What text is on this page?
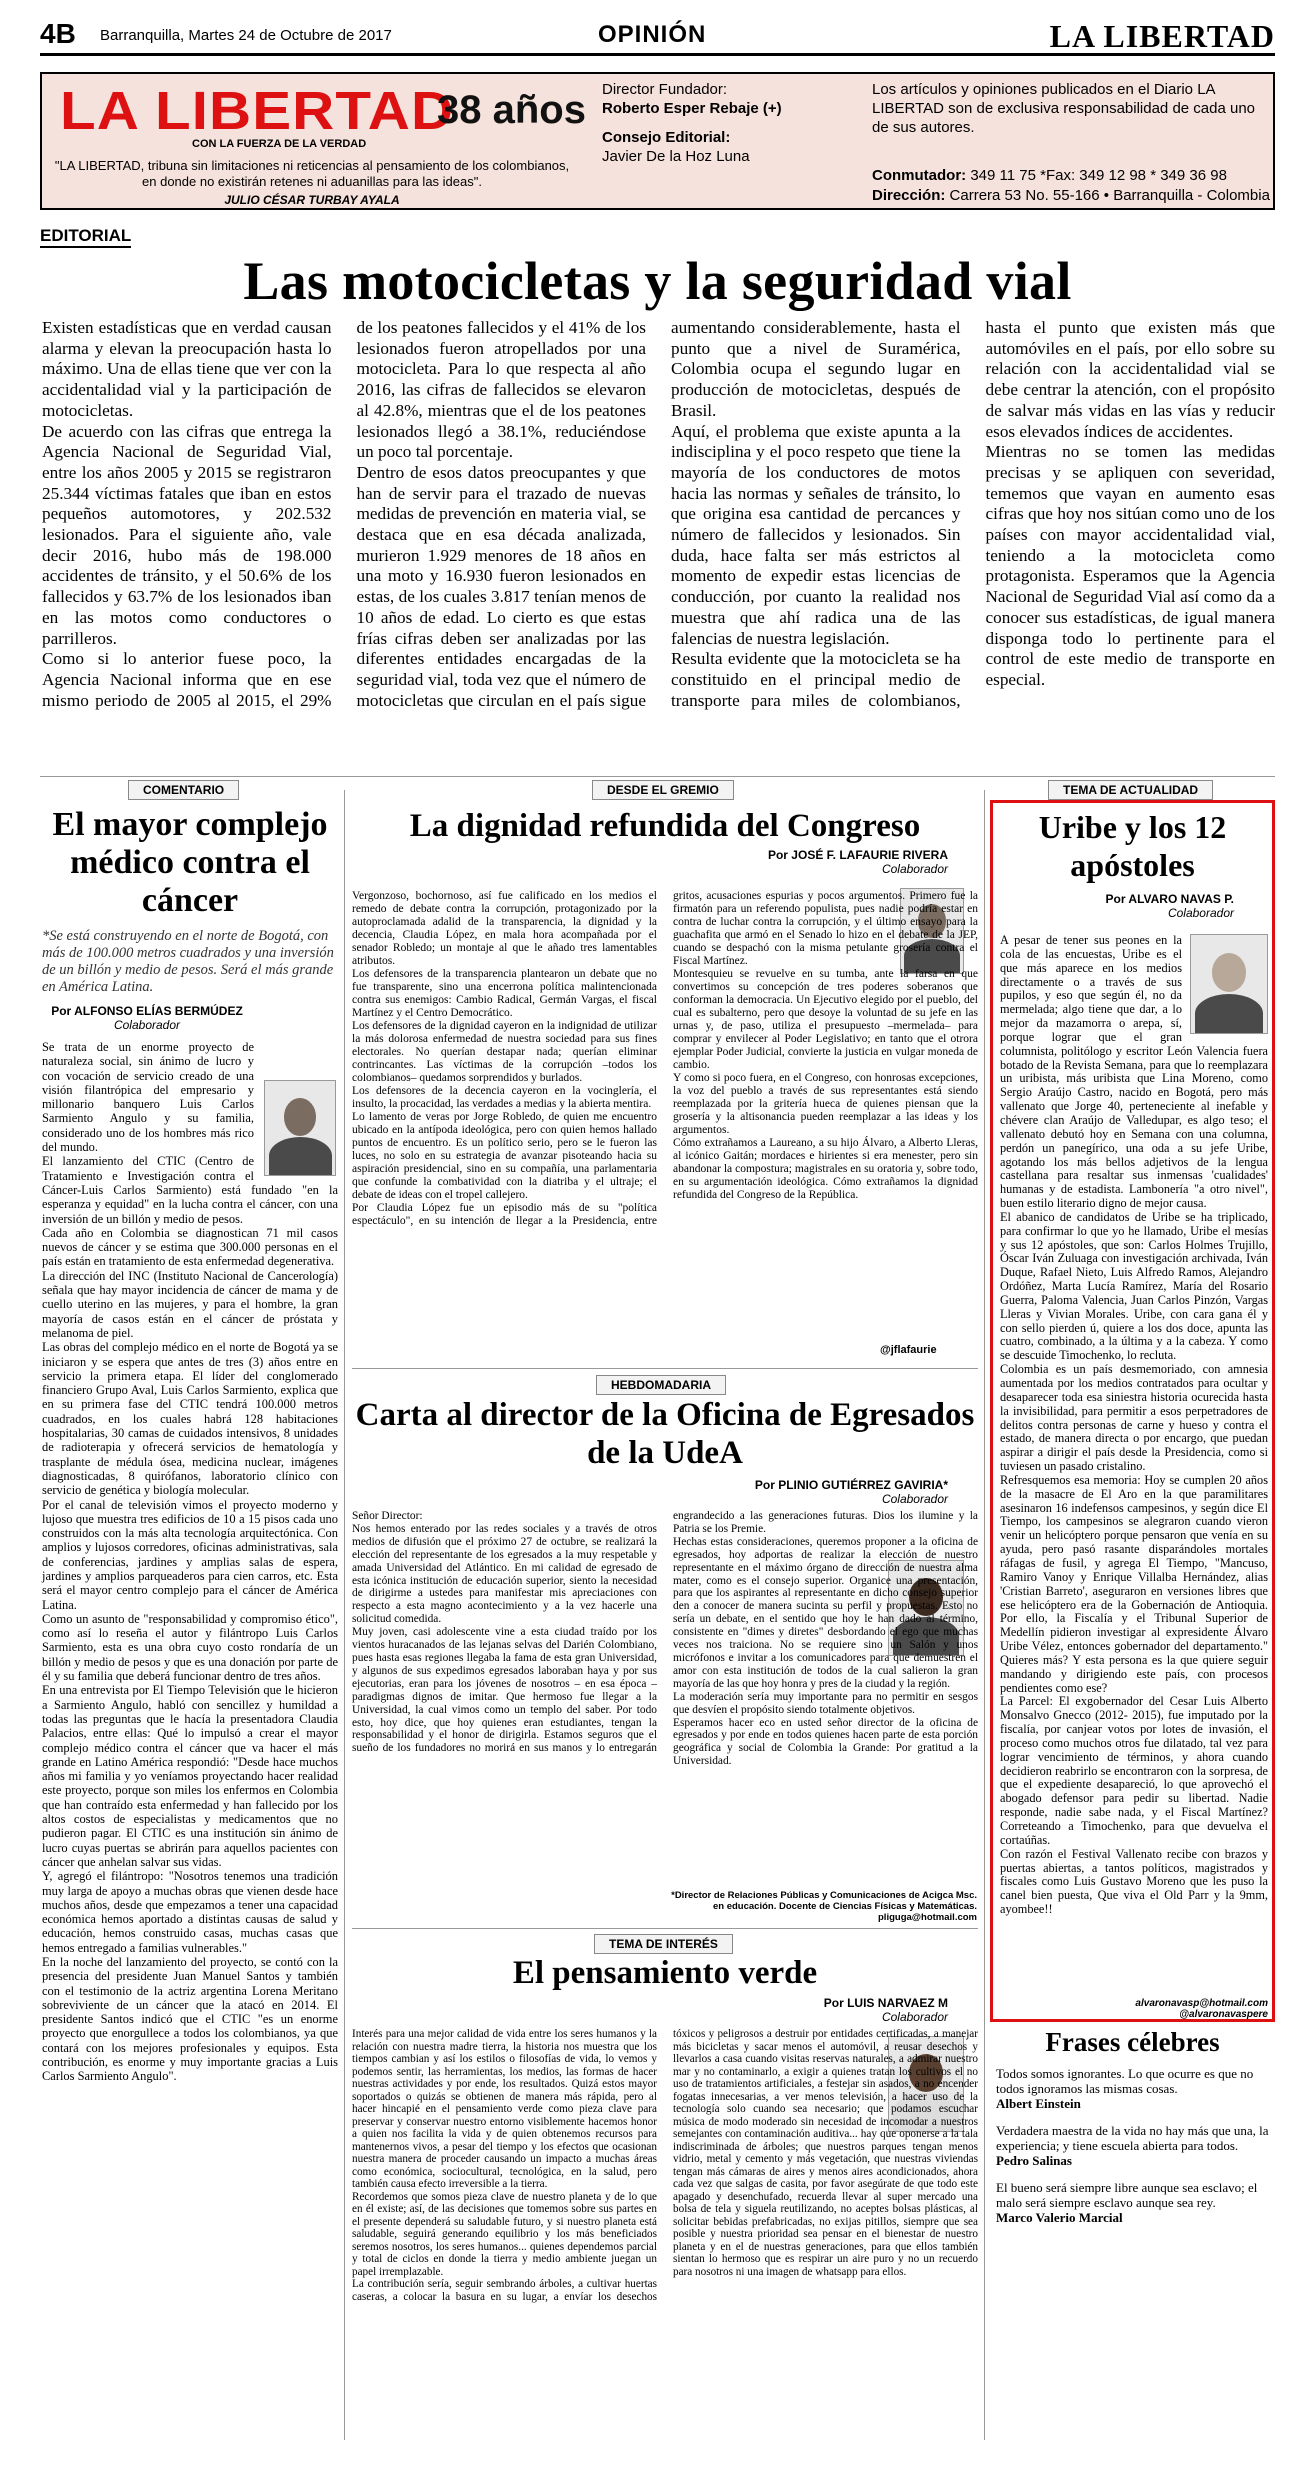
4B Barranquilla, Martes 24 de Octubre de 2017	OPINIÓN	LA LIBERTAD
LA LIBERTAD
38 años
CON LA FUERZA DE LA VERDAD
"LA LIBERTAD, tribuna sin limitaciones ni reticencias al pensamiento de los colombianos, en donde no existirán retenes ni aduanillas para las ideas".
JULIO CÉSAR TURBAY AYALA
Director Fundador:
Roberto Esper Rebaje (+)
Consejo Editorial:
Javier De la Hoz Luna
Los artículos y opiniones publicados en el Diario LA LIBERTAD son de exclusiva responsabilidad de cada uno de sus autores.
Conmutador: 349 11 75 *Fax: 349 12 98 * 349 36 98
Dirección: Carrera 53 No. 55-166 • Barranquilla - Colombia
EDITORIAL
Las motocicletas y la seguridad vial

Existen estadísticas que en verdad causan alarma y elevan la preocupación hasta lo máximo. Una de ellas tiene que ver con la accidentalidad vial y la participación de motocicletas.

De acuerdo con las cifras que entrega la Agencia Nacional de Seguridad Vial, entre los años 2005 y 2015 se registraron 25.344 víctimas fatales que iban en estos pequeños automotores, y 202.532 lesionados. Para el siguiente año, vale decir 2016, hubo más de 198.000 accidentes de tránsito, y el 50.6% de los fallecidos y 63.7% de los lesionados iban en las motos como conductores o parrilleros.

Como si lo anterior fuese poco, la Agencia Nacional informa que en ese mismo periodo de 2005 al 2015, el 29% de los peatones fallecidos y el 41% de los lesionados fueron atropellados por una motocicleta. Para lo que respecta al año 2016, las cifras de fallecidos se elevaron al 42.8%, mientras que el de los peatones lesionados llegó a 38.1%, reduciéndose un poco tal porcentaje.

Dentro de esos datos preocupantes y que han de servir para el trazado de nuevas medidas de prevención en materia vial, se destaca que en esa década analizada, murieron 1.929 menores de 18 años en una moto y 16.930 fueron lesionados en estas, de los cuales 3.817 tenían menos de 10 años de edad. Lo cierto es que estas frías cifras deben ser analizadas por las diferentes entidades encargadas de la seguridad vial, toda vez que el número de motocicletas que circulan en el país sigue aumentando considerablemente, hasta el punto que a nivel de Suramérica, Colombia ocupa el segundo lugar en producción de motocicletas, después de Brasil.

Aquí, el problema que existe apunta a la indisciplina y el poco respeto que tiene la mayoría de los conductores de motos hacia las normas y señales de tránsito, lo que origina esa cantidad de percances y número de fallecidos y lesionados. Sin duda, hace falta ser más estrictos al momento de expedir estas licencias de conducción, por cuanto la realidad nos muestra que ahí radica una de las falencias de nuestra legislación.

Resulta evidente que la motocicleta se ha constituido en el principal medio de transporte para miles de colombianos, hasta el punto que existen más que automóviles en el país, por ello sobre su relación con la accidentalidad vial se debe centrar la atención, con el propósito de salvar más vidas en las vías y reducir esos elevados índices de accidentes.

Mientras no se tomen las medidas precisas y se apliquen con severidad, tememos que vayan en aumento esas cifras que hoy nos sitúan como uno de los países con mayor accidentalidad vial, teniendo a la motocicleta como protagonista. Esperamos que la Agencia Nacional de Seguridad Vial así como da a conocer sus estadísticas, de igual manera disponga todo lo pertinente para el control de este medio de transporte en especial.

COMENTARIO
El mayor complejo médico contra el cáncer
*Se está construyendo en el norte de Bogotá, con más de 100.000 metros cuadrados y una inversión de un billón y medio de pesos. Será el más grande en América Latina.
Por ALFONSO ELÍAS BERMÚDEZ
Colaborador

Se trata de un enorme proyecto de naturaleza social, sin ánimo de lucro y con vocación de servicio creado de una visión filantrópica del empresario y millonario banquero Luis Carlos Sarmiento Angulo y su familia, considerado uno de los hombres más rico del mundo.

El lanzamiento del CTIC (Centro de Tratamiento e Investigación contra el Cáncer-Luis Carlos Sarmiento) está fundado "en la esperanza y equidad" en la lucha contra el cáncer, con una inversión de un billón y medio de pesos.

Cada año en Colombia se diagnostican 71 mil casos nuevos de cáncer y se estima que 300.000 personas en el país están en tratamiento de esta enfermedad degenerativa.

La dirección del INC (Instituto Nacional de Cancerología) señala que hay mayor incidencia de cáncer de mama y de cuello uterino en las mujeres, y para el hombre, la gran mayoría de casos están en el cáncer de próstata y melanoma de piel.

Las obras del complejo médico en el norte de Bogotá ya se iniciaron y se espera que antes de tres (3) años entre en servicio la primera etapa. El líder del conglomerado financiero Grupo Aval, Luis Carlos Sarmiento, explica que en su primera fase del CTIC tendrá 100.000 metros cuadrados, en los cuales habrá 128 habitaciones hospitalarias, 30 camas de cuidados intensivos, 8 unidades de radioterapia y ofrecerá servicios de hematología y trasplante de médula ósea, medicina nuclear, imágenes diagnosticadas, 8 quirófanos, laboratorio clínico con servicio de genética y biología molecular.

Por el canal de televisión vimos el proyecto moderno y lujoso que muestra tres edificios de 10 a 15 pisos cada uno construidos con la más alta tecnología arquitectónica. Con amplios y lujosos corredores, oficinas administrativas, sala de conferencias, jardines y amplias salas de espera, jardines y amplios parqueaderos para cien carros, etc. Esta será el mayor centro complejo para el cáncer de América Latina.

Como un asunto de "responsabilidad y compromiso ético", como así lo reseña el autor y filántropo Luis Carlos Sarmiento, esta es una obra cuyo costo rondaría de un billón y medio de pesos y que es una donación por parte de él y su familia que deberá funcionar dentro de tres años.

En una entrevista por El Tiempo Televisión que le hicieron a Sarmiento Angulo, habló con sencillez y humildad a todas las preguntas que le hacía la presentadora Claudia Palacios, entre ellas: Qué lo impulsó a crear el mayor complejo médico contra el cáncer que va hacer el más grande en Latino América respondió: "Desde hace muchos años mi familia y yo veníamos proyectando hacer realidad este proyecto, porque son miles los enfermos en Colombia que han contraído esta enfermedad y han fallecido por los altos costos de especialistas y medicamentos que no pudieron pagar. El CTIC es una institución sin ánimo de lucro cuyas puertas se abrirán para aquellos pacientes con cáncer que anhelan salvar sus vidas.

Y, agregó el filántropo: "Nosotros tenemos una tradición muy larga de apoyo a muchas obras que vienen desde hace muchos años, desde que empezamos a tener una capacidad económica hemos aportado a distintas causas de salud y educación, hemos construido casas, muchas casas que hemos entregado a familias vulnerables."

En la noche del lanzamiento del proyecto, se contó con la presencia del presidente Juan Manuel Santos y también con el testimonio de la actriz argentina Lorena Meritano sobreviviente de un cáncer que la atacó en 2014. El presidente Santos indicó que el CTIC "es un enorme proyecto que enorgullece a todos los colombianos, ya que contará con los mejores profesionales y equipos. Esta contribución, es enorme y muy importante gracias a Luis Carlos Sarmiento Angulo".

DESDE EL GREMIO
La dignidad refundida del Congreso
Por JOSÉ F. LAFAURIE RIVERA
Colaborador

Vergonzoso, bochornoso, así fue calificado en los medios el remedo de debate contra la corrupción, protagonizado por la autoproclamada adalid de la transparencia, la dignidad y la decencia, Claudia López, en mala hora acompañada por el senador Robledo; un montaje al que le añado tres lamentables atributos.

Los defensores de la transparencia plantearon un debate que no fue transparente, sino una encerrona política malintencionada contra sus enemigos: Cambio Radical, Germán Vargas, el fiscal Martínez y el Centro Democrático.

Los defensores de la dignidad cayeron en la indignidad de utilizar la más dolorosa enfermedad de nuestra sociedad para sus fines electorales. No querían destapar nada; querían eliminar contrincantes. Las víctimas de la corrupción –todos los colombianos– quedamos sorprendidos y burlados.

Los defensores de la decencia cayeron en la vocinglería, el insulto, la procacidad, las verdades a medias y la abierta mentira.

Lo lamento de veras por Jorge Robledo, de quien me encuentro ubicado en la antípoda ideológica, pero con quien hemos hallado puntos de encuentro. Es un político serio, pero se le fueron las luces, no solo en su estrategia de avanzar pisoteando hacia su aspiración presidencial, sino en su compañía, una parlamentaria que confunde la combatividad con la diatriba y el ultraje; el debate de ideas con el tropel callejero.

Por Claudia López fue un episodio más de su "política espectáculo", en su intención de llegar a la Presidencia, entre gritos, acusaciones espurias y pocos argumentos. Primero fue la firmatón para un referendo populista, pues nadie podría estar en contra de luchar contra la corrupción, y el último ensayo para la guachafita que armó en el Senado lo hizo en el debate de la JEP, cuando se despachó con la misma petulante grosería contra el Fiscal Martínez.

Montesquieu se revuelve en su tumba, ante la farsa en que convertimos su concepción de tres poderes soberanos que conforman la democracia. Un Ejecutivo elegido por el pueblo, del cual es subalterno, pero que desoye la voluntad de su jefe en las urnas y, de paso, utiliza el presupuesto –mermelada– para comprar y envilecer al Poder Legislativo; en tanto que el otrora ejemplar Poder Judicial, convierte la justicia en vulgar moneda de cambio.

Y como si poco fuera, en el Congreso, con honrosas excepciones, la voz del pueblo a través de sus representantes está siendo reemplazada por la gritería hueca de quienes piensan que la grosería y la altisonancia pueden reemplazar a las ideas y los argumentos.

Cómo extrañamos a Laureano, a su hijo Álvaro, a Alberto Lleras, al icónico Gaitán; mordaces e hirientes si era menester, pero sin abandonar la compostura; magistrales en su oratoria y, sobre todo, en su argumentación ideológica. Cómo extrañamos la dignidad refundida del Congreso de la República.

@jflafaurie
HEBDOMADARIA
Carta al director de la Oficina de Egresados de la UdeA
Por PLINIO GUTIÉRREZ GAVIRIA*
Colaborador

Señor Director:

Nos hemos enterado por las redes sociales y a través de otros medios de difusión que el próximo 27 de octubre, se realizará la elección del representante de los egresados a la muy respetable y amada Universidad del Atlántico. En mi calidad de egresado de esta icónica institución de educación superior, siento la necesidad de dirigirme a ustedes para manifestar mis apreciaciones con respecto a esta magno acontecimiento y a la vez hacerle una solicitud comedida.

Muy joven, casi adolescente vine a esta ciudad traído por los vientos huracanados de las lejanas selvas del Darién Colombiano, pues hasta esas regiones llegaba la fama de esta gran Universidad, y algunos de sus expedimos egresados laboraban haya y por sus ejecutorias, eran para los jóvenes de nosotros – en esa época – paradigmas dignos de imitar. Que hermoso fue llegar a la Universidad, la cual vimos como un templo del saber. Por todo esto, hoy dice, que hoy quienes eran estudiantes, tengan la responsabilidad y el honor de dirigirla. Estamos seguros que el sueño de los fundadores no morirá en sus manos y lo entregarán engrandecido a las generaciones futuras. Dios los ilumine y la Patria se los Premie.

Hechas estas consideraciones, queremos proponer a la oficina de egresados, hoy adportas de realizar la elección de nuestro representante en el máximo órgano de dirección de nuestra alma mater, como es el consejo superior. Organice una presentación, para que los aspirantes al representante en dicho consejo superior den a conocer de manera sucinta su perfil y propuestas. Esto no sería un debate, en el sentido que hoy le han dado al término, consistente en "dimes y diretes" desbordando el ego que muchas veces nos traiciona. No se requiere sino un Salón y unos micrófonos e invitar a los comunicadores para que demuestren el amor con esta institución de todos de la cual salieron la gran mayoría de las que hoy honra y pres de la ciudad y la región.

La moderación sería muy importante para no permitir en sesgos que desvíen el propósito siendo totalmente objetivos.

Esperamos hacer eco en usted señor director de la oficina de egresados y por ende en todos quienes hacen parte de esta porción geográfica y social de Colombia la Grande: Por gratitud a la Universidad.

*Director de Relaciones Públicas y Comunicaciones de Acigca Msc. en educación. Docente de Ciencias Físicas y Matemáticas. pliguga@hotmail.com
TEMA DE INTERÉS
El pensamiento verde
Por LUIS NARVAEZ M
Colaborador

Interés para una mejor calidad de vida entre los seres humanos y la relación con nuestra madre tierra, la historia nos muestra que los tiempos cambian y así los estilos o filosofías de vida, lo vemos y podemos sentir, las herramientas, los medios, las formas de hacer nuestras actividades y por ende, los resultados. Quizá estos mayor soportados o quizás se obtienen de manera más rápida, pero al hacer hincapié en el pensamiento verde como pieza clave para preservar y conservar nuestro entorno visiblemente hacemos honor a quien nos facilita la vida y de quien obtenemos recursos para mantenernos vivos, a pesar del tiempo y los efectos que ocasionan nuestra manera de proceder causando un impacto a muchas áreas como económica, sociocultural, tecnológica, en la salud, pero también causa efecto irreversible a la tierra.

Recordemos que somos pieza clave de nuestro planeta y de lo que en él existe; así, de las decisiones que tomemos sobre sus partes en el presente dependerá su saludable futuro, y si nuestro planeta está saludable, seguirá generando equilibrio y los más beneficiados seremos nosotros, los seres humanos... quienes dependemos parcial y total de ciclos en donde la tierra y medio ambiente juegan un papel irremplazable.

La contribución sería, seguir sembrando árboles, a cultivar huertas caseras, a colocar la basura en su lugar, a envíar los desechos tóxicos y peligrosos a destruir por entidades certificadas, a manejar más bicicletas y sacar menos el automóvil, a reusar desechos y llevarlos a casa cuando visitas reservas naturales, a admirar nuestro mar y no contaminarlo, a exigir a quienes tratan los cultivos el no uso de tratamientos artificiales, a festejar sin asados, a no encender fogatas innecesarias, a ver menos televisión, a hacer uso de la tecnología solo cuando sea necesario; que podamos escuchar música de modo moderado sin necesidad de incomodar a nuestros semejantes con contaminación auditiva... hay que oponerse a la tala indiscriminada de árboles; que nuestros parques tengan menos vidrio, metal y cemento y más vegetación, que nuestras viviendas tengan más cámaras de aires y menos aires acondicionados, ahora cada vez que salgas de casita, por favor asegúrate de que todo este apagado y desenchufado, recuerda llevar al super mercado una bolsa de tela y siguela reutilizando, no aceptes bolsas plásticas, al solicitar bebidas prefabricadas, no exijas pitillos, siempre que sea posible y nuestra prioridad sea pensar en el bienestar de nuestro planeta y en el de nuestras generaciones, para que ellos también sientan lo hermoso que es respirar un aire puro y no un recuerdo para nosotros ni una imagen de whatsapp para ellos.

TEMA DE ACTUALIDAD
Uribe y los 12 apóstoles
Por ALVARO NAVAS P.
Colaborador

A pesar de tener sus peones en la cola de las encuestas, Uribe es el que más aparece en los medios directamente o a través de sus pupilos, y eso que según él, no da mermelada; algo tiene que dar, a lo mejor da mazamorra o arepa, sí, porque lograr que el gran columnista, politólogo y escritor León Valencia fuera botado de la Revista Semana, para que lo reemplazara un uribista, más uribista que Lina Moreno, como Sergio Araújo Castro, nacido en Bogotá, pero más vallenato que Jorge 40, perteneciente al inefable y chévere clan Araújo de Valledupar, es algo teso; el vallenato debutó hoy en Semana con una columna, perdón un panegírico, una oda a su jefe Uribe, agotando los más bellos adjetivos de la lengua castellana para resaltar sus inmensas 'cualidades' humanas y de estadista. Lambonería "a otro nivel", buen estilo literario digno de mejor causa.

El abanico de candidatos de Uribe se ha triplicado, para confirmar lo que yo he llamado, Uribe el mesías y sus 12 apóstoles, que son: Carlos Holmes Trujillo, Óscar Iván Zuluaga con investigación archivada, Iván Duque, Rafael Nieto, Luis Alfredo Ramos, Alejandro Ordóñez, Marta Lucía Ramírez, María del Rosario Guerra, Paloma Valencia, Juan Carlos Pinzón, Vargas Lleras y Vivian Morales. Uribe, con cara gana él y con sello pierden ú, quiere a los dos doce, apunta las cuatro, combinado, a la última y a la cabeza. Y como se descuide Timochenko, lo recluta.

Colombia es un país desmemoriado, con amnesia aumentada por los medios contratados para ocultar y desaparecer toda esa siniestra historia ocurecida hasta la invisibilidad, para permitir a esos perpetradores de delitos contra personas de carne y hueso y contra el estado, de manera directa o por encargo, que puedan aspirar a dirigir el país desde la Presidencia, como si tuviesen un pasado cristalino.

Refresquemos esa memoria: Hoy se cumplen 20 años de la masacre de El Aro en la que paramilitares asesinaron 16 indefensos campesinos, y según dice El Tiempo, los campesinos se alegraron cuando vieron venir un helicóptero porque pensaron que venía en su ayuda, pero pasó rasante disparándoles mortales ráfagas de fusil, y agrega El Tiempo, "Mancuso, Ramiro Vanoy y Enrique Villalba Hernández, alias 'Cristian Barreto', aseguraron en versiones libres que ese helicóptero era de la Gobernación de Antioquia. Por ello, la Fiscalía y el Tribunal Superior de Medellín pidieron investigar al expresidente Álvaro Uribe Vélez, entonces gobernador del departamento." Quieres más? Y esta persona es la que quiere seguir mandando y dirigiendo este país, con procesos pendientes como ese?

La Parcel: El exgobernador del Cesar Luis Alberto Monsalvo Gnecco (2012- 2015), fue imputado por la fiscalía, por canjear votos por lotes de invasión, el proceso como muchos otros fue dilatado, tal vez para lograr vencimiento de términos, y ahora cuando decidieron reabrirlo se encontraron con la sorpresa, de que el expediente desapareció, lo que aprovechó el abogado defensor para pedir su libertad. Nadie responde, nadie sabe nada, y el Fiscal Martínez? Correteando a Timochenko, para que devuelva el cortaúñas.

Con razón el Festival Vallenato recibe con brazos y puertas abiertas, a tantos políticos, magistrados y fiscales como Luis Gustavo Moreno que les puso la canel bien puesta, Que viva el Old Parr y la 9mm, ayombee!!

alvaronavasp@hotmail.com @alvaronavaspere
Frases célebres
Todos somos ignorantes. Lo que ocurre es que no todos ignoramos las mismas cosas.
Albert Einstein
Verdadera maestra de la vida no hay más que una, la experiencia; y tiene escuela abierta para todos. Pedro Salinas
El bueno será siempre libre aunque sea esclavo; el malo será siempre esclavo aunque sea rey.
Marco Valerio Marcial
